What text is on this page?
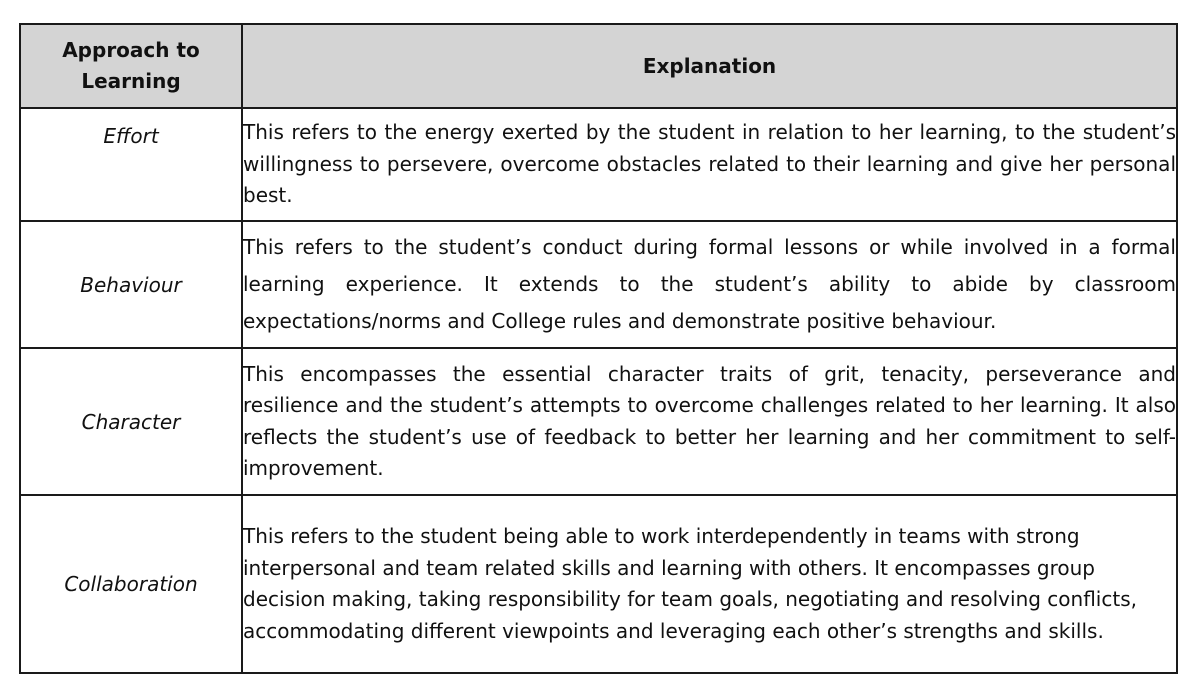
Approach to Learning	Explanation
Effort	This refers to the energy exerted by the student in relation to her learning, to the student’s willingness to persevere, overcome obstacles related to their learning and give her personal best.
Behaviour	This refers to the student’s conduct during formal lessons or while involved in a formal learning experience. It extends to the student’s ability to abide by classroom expectations/norms and College rules and demonstrate positive behaviour.
Character	This encompasses the essential character traits of grit, tenacity, perseverance and resilience and the student’s attempts to overcome challenges related to her learning. It also reflects the student’s use of feedback to better her learning and her commitment to self-improvement.
Collaboration	This refers to the student being able to work interdependently in teams with strong interpersonal and team related skills and learning with others. It encompasses group decision making, taking responsibility for team goals, negotiating and resolving conflicts, accommodating different viewpoints and leveraging each other’s strengths and skills.
